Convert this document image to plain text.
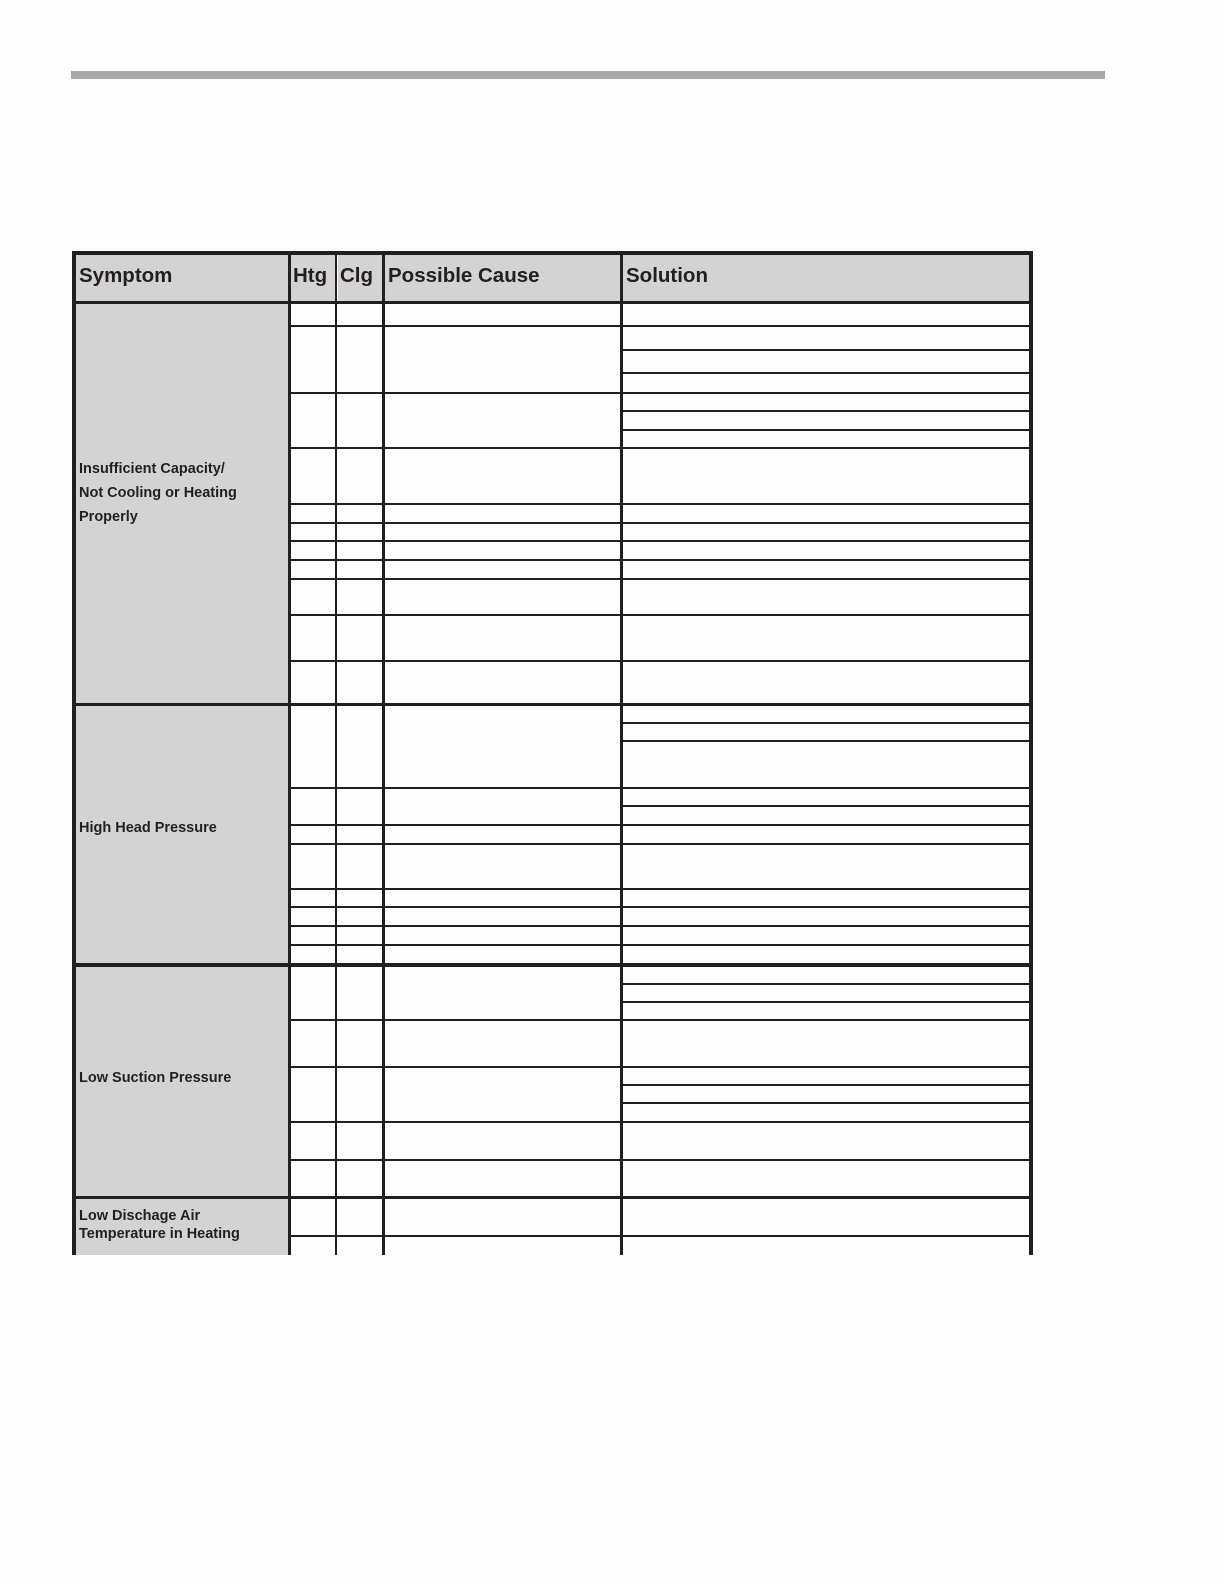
Symptom	Htg Clg Possible Cause	Solution
Insufficient Capacity/
Not Cooling or Heating
Properly
High Head Pressure
Low Suction Pressure
Low Dischage Air
Temperature in Heating
